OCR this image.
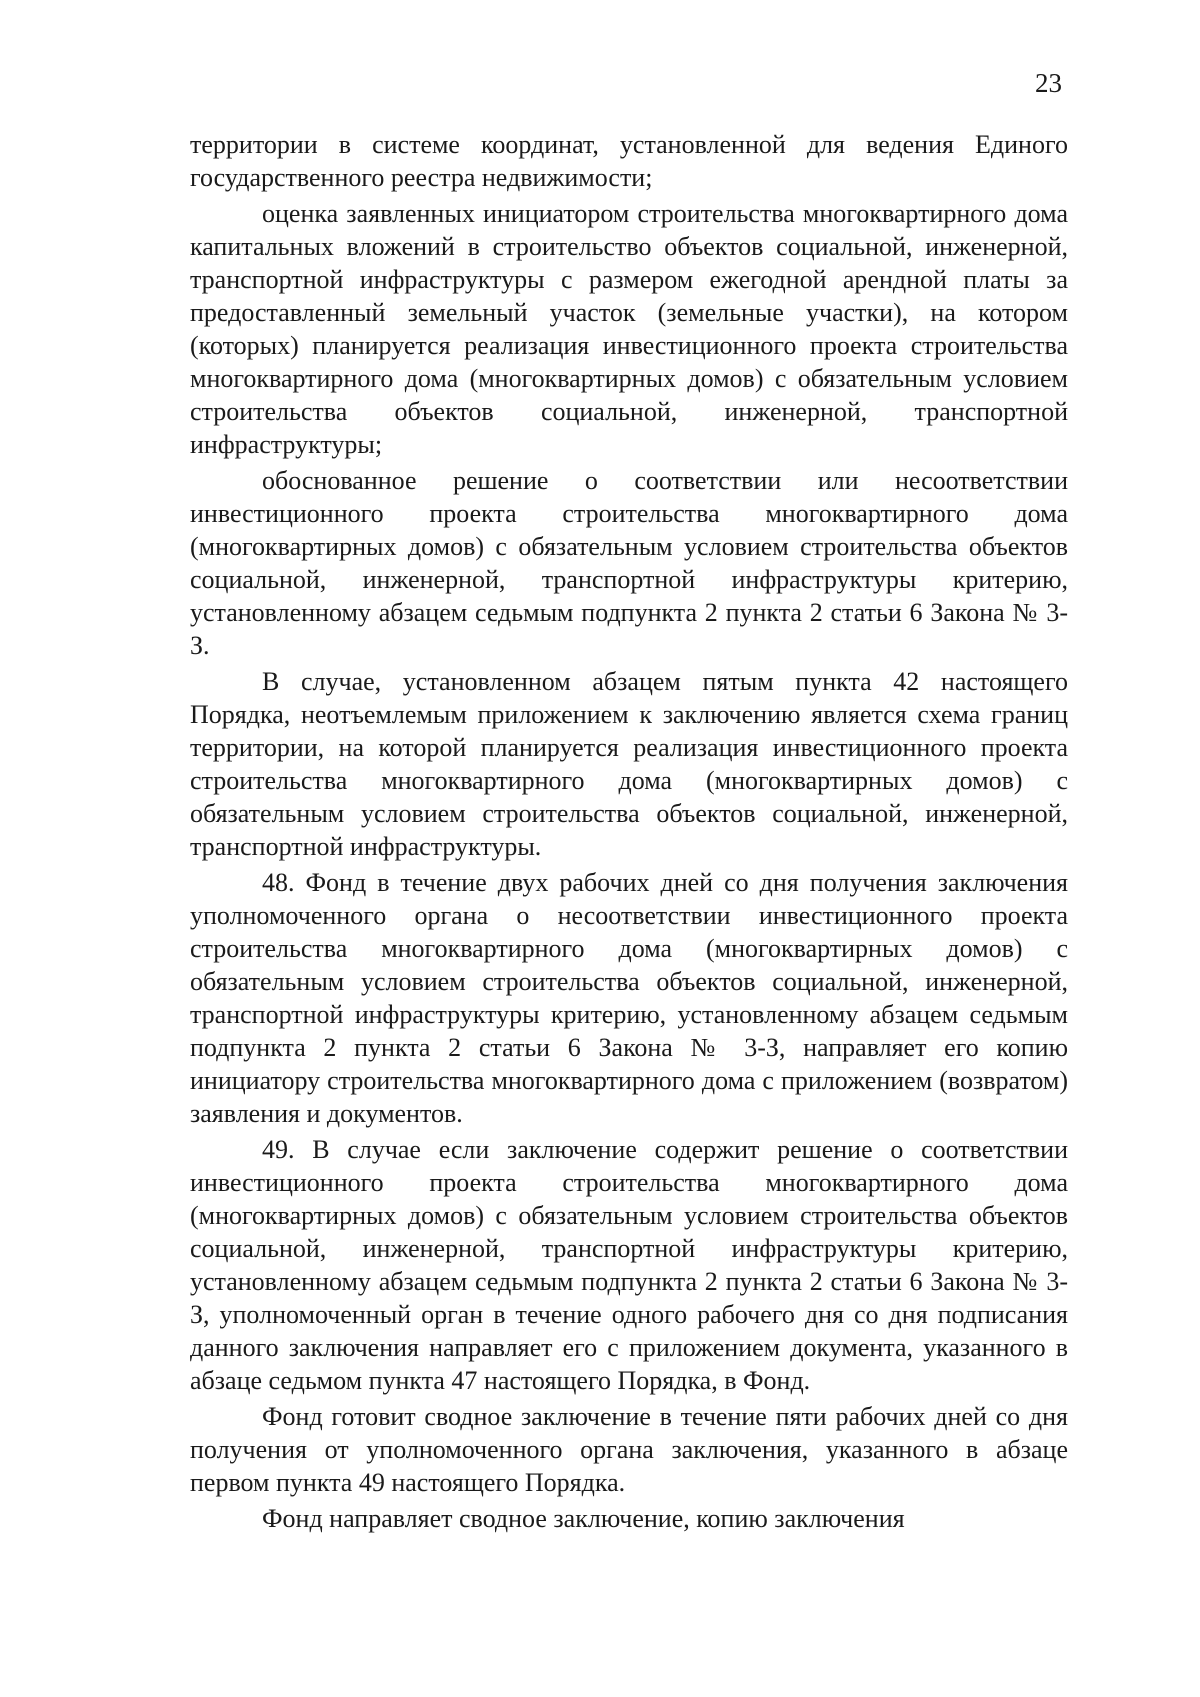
23

территории в системе координат, установленной для ведения Единого государственного реестра недвижимости;

оценка заявленных инициатором строительства многоквартирного дома капитальных вложений в строительство объектов социальной, инженерной, транспортной инфраструктуры с размером ежегодной арендной платы за предоставленный земельный участок (земельные участки), на котором (которых) планируется реализация инвестиционного проекта строительства многоквартирного дома (многоквартирных домов) с обязательным условием строительства объектов социальной, инженерной, транспортной инфраструктуры;

обоснованное решение о соответствии или несоответствии инвестиционного проекта строительства многоквартирного дома (многоквартирных домов) с обязательным условием строительства объектов социальной, инженерной, транспортной инфраструктуры критерию, установленному абзацем седьмым подпункта 2 пункта 2 статьи 6 Закона № 3-З.

В случае, установленном абзацем пятым пункта 42 настоящего Порядка, неотъемлемым приложением к заключению является схема границ территории, на которой планируется реализация инвестиционного проекта строительства многоквартирного дома (многоквартирных домов) с обязательным условием строительства объектов социальной, инженерной, транспортной инфраструктуры.

48. Фонд в течение двух рабочих дней со дня получения заключения уполномоченного органа о несоответствии инвестиционного проекта строительства многоквартирного дома (многоквартирных домов) с обязательным условием строительства объектов социальной, инженерной, транспортной инфраструктуры критерию, установленному абзацем седьмым подпункта 2 пункта 2 статьи 6 Закона № 3-З, направляет его копию инициатору строительства многоквартирного дома с приложением (возвратом) заявления и документов.

49. В случае если заключение содержит решение о соответствии инвестиционного проекта строительства многоквартирного дома (многоквартирных домов) с обязательным условием строительства объектов социальной, инженерной, транспортной инфраструктуры критерию, установленному абзацем седьмым подпункта 2 пункта 2 статьи 6 Закона № 3-З, уполномоченный орган в течение одного рабочего дня со дня подписания данного заключения направляет его с приложением документа, указанного в абзаце седьмом пункта 47 настоящего Порядка, в Фонд.

Фонд готовит сводное заключение в течение пяти рабочих дней со дня получения от уполномоченного органа заключения, указанного в абзаце первом пункта 49 настоящего Порядка.

Фонд направляет сводное заключение, копию заключения
